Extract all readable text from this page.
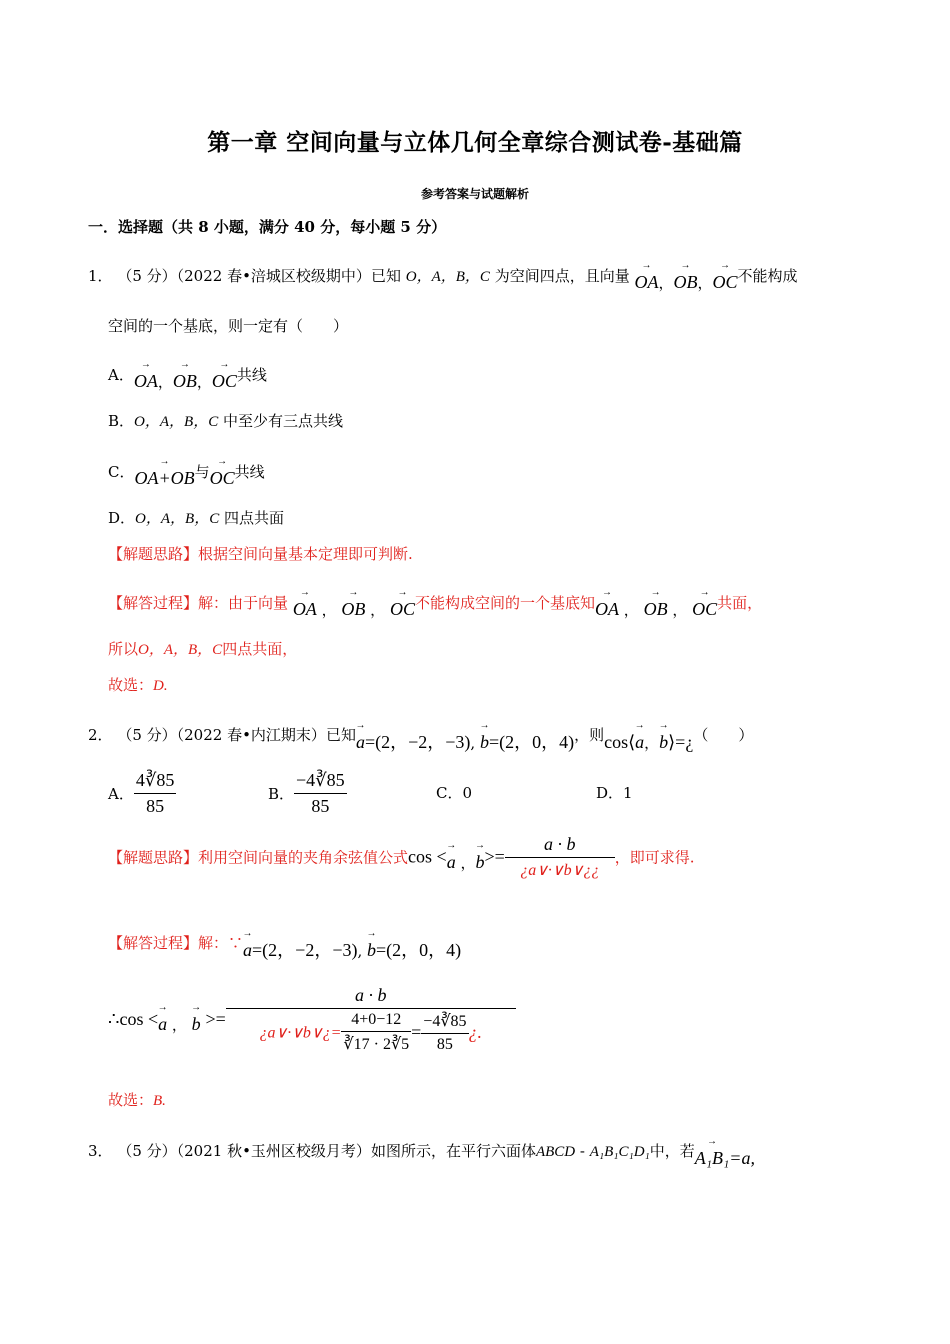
第一章 空间向量与立体几何全章综合测试卷-基础篇
参考答案与试题解析
一．选择题（共 8 小题，满分 40 分，每小题 5 分）
1． （5 分）（2022 春•涪城区校级期中）已知 O，A，B，C 为空间四点，且向量 → OA，→ OB，→ OC不能构成
空间的一个基底，则一定有（　　）
A．→ OA，→ OB，→ OC共线
B．O，A，B，C 中至少有三点共线
C．→ OA+OB与→ OC共线
D．O，A，B，C 四点共面
【解题思路】根据空间向量基本定理即可判断.
【解答过程】解：由于向量 → OA ， → OB ， → OC不能构成空间的一个基底知→ OA ， → OB ， → OC共面，
所以O，A，B，C四点共面，
故选：D.
2． （5 分）（2022 春•内江期末）已知→ a=(2，−2，−3), → b=(2，0，4)，则cos⟨→ a，→ b⟩=¿（　　）
A． $\frac{4∛85}{85}$	B． $\frac{-4∛85}{85}$	C．0	D．1
【解题思路】利用空间向量的夹角余弦值公式cos <→ a ，→ $b>= \frac{a \cdot b}{¿a\vee\cdot\vee b\vee¿¿}$ ，即可求得.
【解答过程】解：∵→ a=(2，−2，−3), → b=(2，0，4)
∴cos <→ a ， → $b >= \frac{a \cdot b}{¿a\vee\cdot\vee b\vee¿= \frac{4+0-12}{∛17 \cdot 2∛5} = \frac{-4∛85}{85} ¿.}$
故选：B.
3． （5 分）（2021 秋•玉州区校级月考）如图所示，在平行六面体ABCD - A₁B₁C₁D₁中，若→ A₁B₁=a,
